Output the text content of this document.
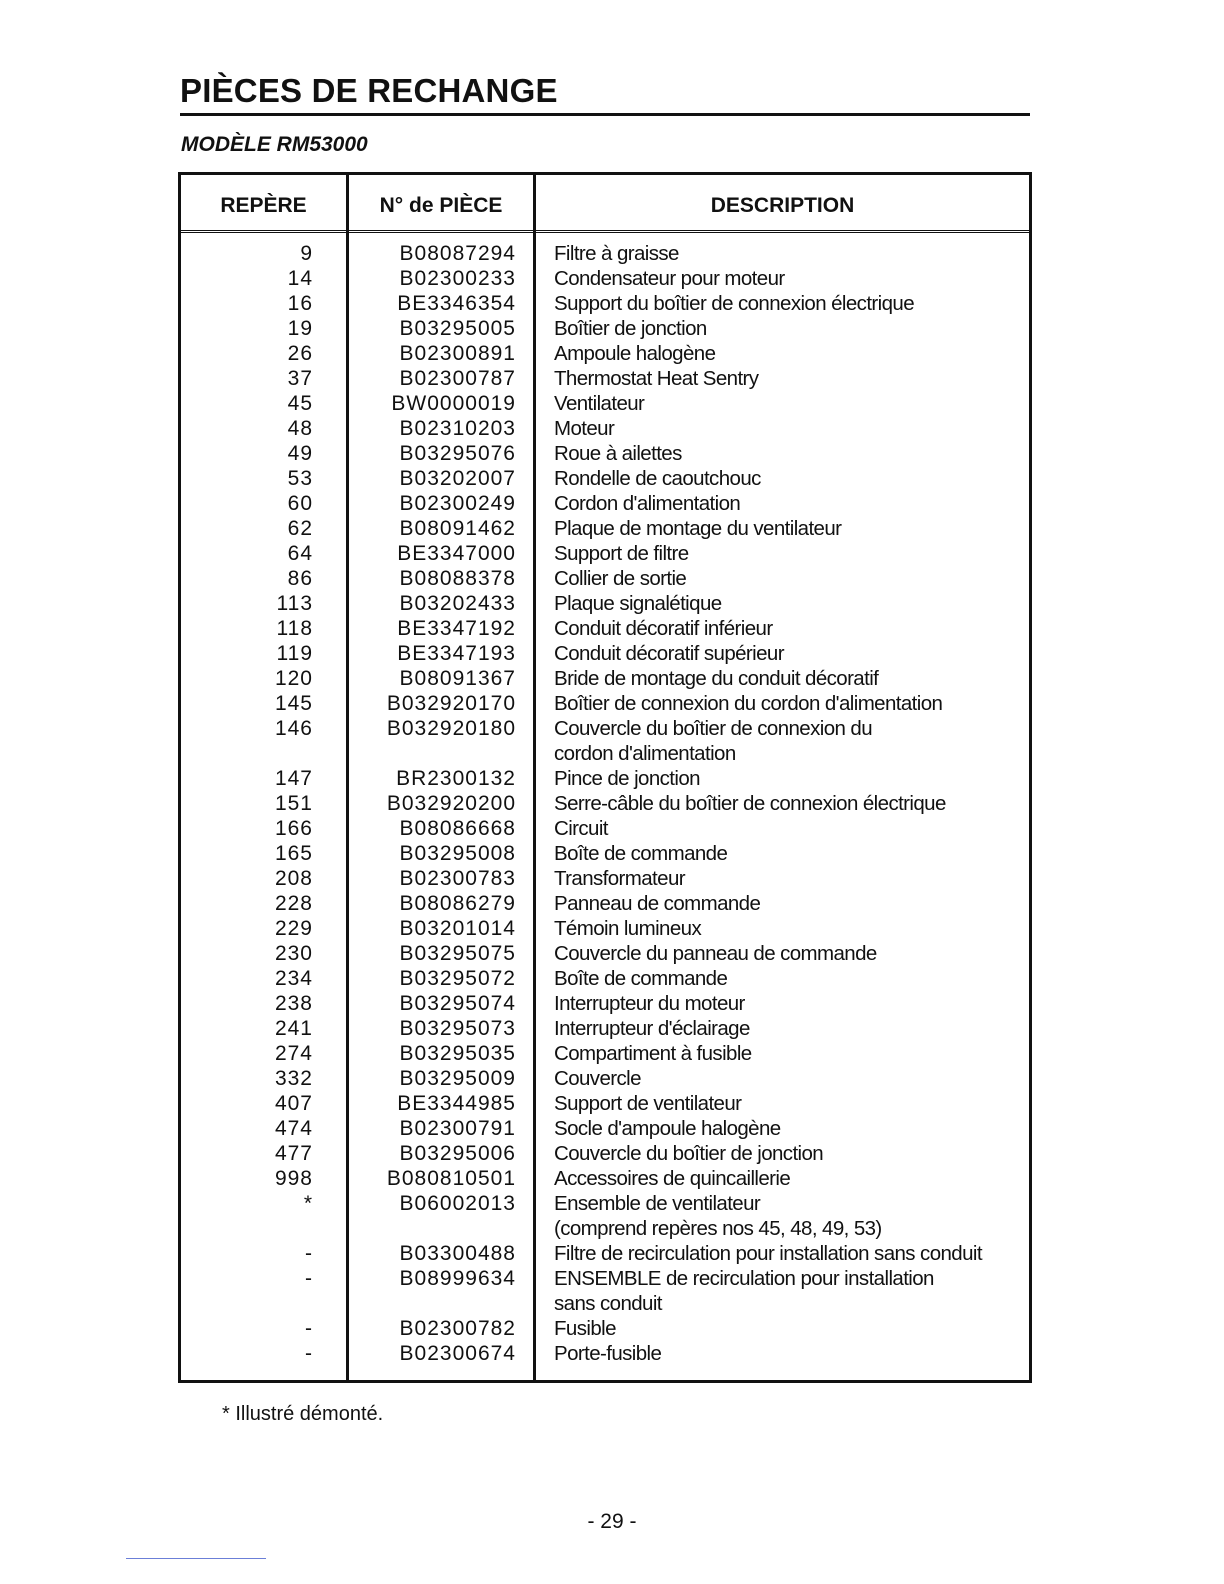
PIÈCES DE RECHANGE
MODÈLE RM53000
REPÈRE	N° de PIÈCE	DESCRIPTION
9	B08087294	Filtre à graisse
14	B02300233	Condensateur pour moteur
16	BE3346354	Support du boîtier de connexion électrique
19	B03295005	Boîtier de jonction
26	B02300891	Ampoule halogène
37	B02300787	Thermostat Heat Sentry
45	BW0000019	Ventilateur
48	B02310203	Moteur
49	B03295076	Roue à ailettes
53	B03202007	Rondelle de caoutchouc
60	B02300249	Cordon d'alimentation
62	B08091462	Plaque de montage du ventilateur
64	BE3347000	Support de filtre
86	B08088378	Collier de sortie
113	B03202433	Plaque signalétique
118	BE3347192	Conduit décoratif inférieur
119	BE3347193	Conduit décoratif supérieur
120	B08091367	Bride de montage du conduit décoratif
145	B032920170	Boîtier de connexion du cordon d'alimentation
146	B032920180	Couvercle du boîtier de connexion du
cordon d'alimentation
147	BR2300132	Pince de jonction
151	B032920200	Serre-câble du boîtier de connexion électrique
166	B08086668	Circuit
165	B03295008	Boîte de commande
208	B02300783	Transformateur
228	B08086279	Panneau de commande
229	B03201014	Témoin lumineux
230	B03295075	Couvercle du panneau de commande
234	B03295072	Boîte de commande
238	B03295074	Interrupteur du moteur
241	B03295073	Interrupteur d'éclairage
274	B03295035	Compartiment à fusible
332	B03295009	Couvercle
407	BE3344985	Support de ventilateur
474	B02300791	Socle d'ampoule halogène
477	B03295006	Couvercle du boîtier de jonction
998	B080810501	Accessoires de quincaillerie
*	B06002013	Ensemble de ventilateur
(comprend repères nos 45, 48, 49, 53)
-	B03300488	Filtre de recirculation pour installation sans conduit
-	B08999634	ENSEMBLE de recirculation pour installation
sans conduit
-	B02300782	Fusible
-	B02300674	Porte-fusible
* Illustré démonté.
- 29 -
